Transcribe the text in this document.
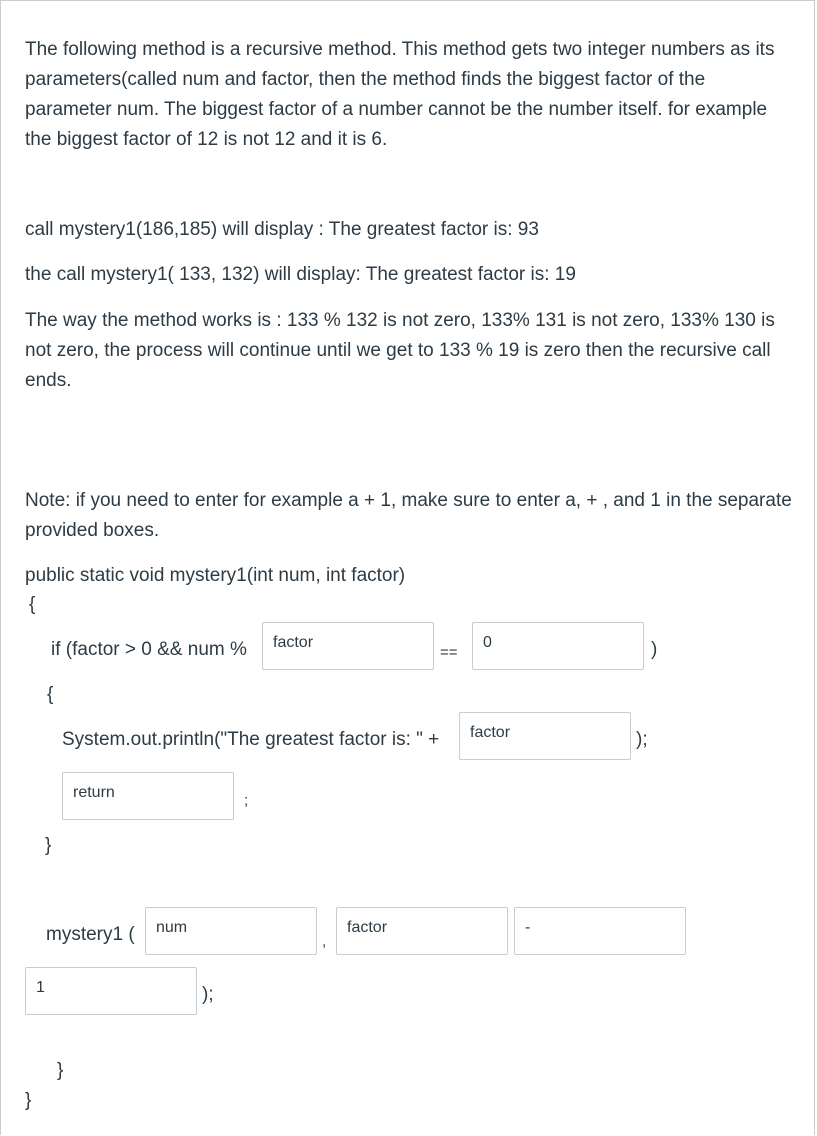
The following method is a recursive method. This method gets two integer numbers as its parameters(called num and factor, then the method finds the biggest factor of the parameter num. The biggest factor of a number cannot be the number itself. for example the biggest factor of 12 is not 12 and it is 6.
call mystery1(186,185) will display : The greatest factor is: 93
the call mystery1( 133, 132) will display: The greatest factor is: 19
The way the method works is : 133 % 132 is not zero, 133% 131 is not zero, 133% 130 is not zero, the process will continue until we get to 133 % 19 is zero then the recursive call ends.
Note: if you need to enter for example a + 1, make sure to enter a, + , and 1 in the separate provided boxes.
public static void mystery1(int num, int factor)
{
if (factor > 0 && num % factor
==
0	)
{
System.out.println("The greatest factor is: " + factor	);
return	;
}
mystery1 ( num
,
factor	-
1	);
}
}
